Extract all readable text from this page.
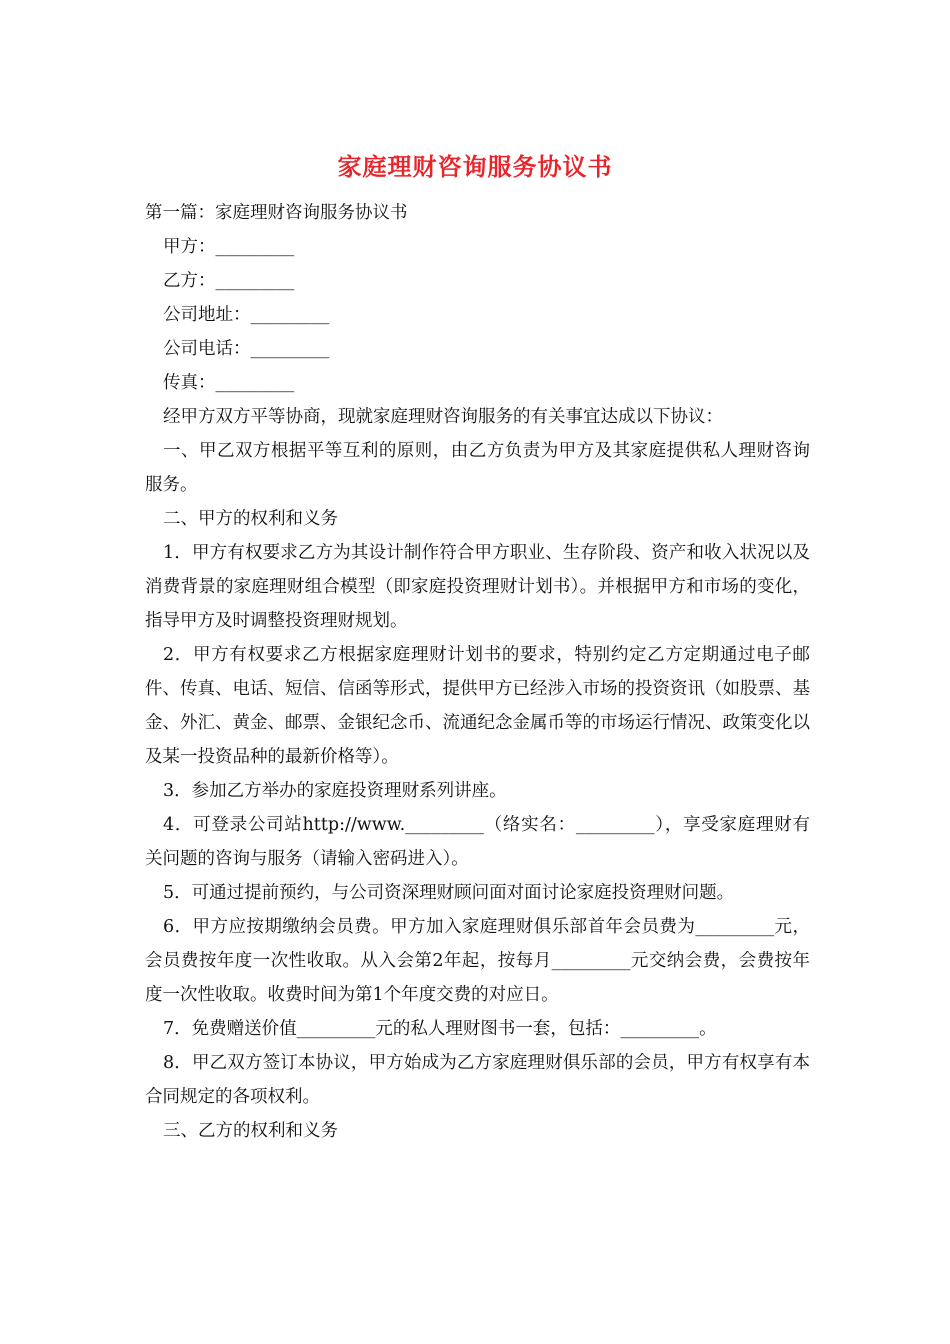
家庭理财咨询服务协议书

第一篇：家庭理财咨询服务协议书

甲方：_________

乙方：_________

公司地址：_________

公司电话：_________

传真：_________

经甲方双方平等协商，现就家庭理财咨询服务的有关事宜达成以下协议：

一、甲乙双方根据平等互利的原则，由乙方负责为甲方及其家庭提供私人理财咨询服务。

二、甲方的权利和义务

1．甲方有权要求乙方为其设计制作符合甲方职业、生存阶段、资产和收入状况以及消费背景的家庭理财组合模型（即家庭投资理财计划书）。并根据甲方和市场的变化，指导甲方及时调整投资理财规划。

2．甲方有权要求乙方根据家庭理财计划书的要求，特别约定乙方定期通过电子邮件、传真、电话、短信、信函等形式，提供甲方已经涉入市场的投资资讯（如股票、基金、外汇、黄金、邮票、金银纪念币、流通纪念金属币等的市场运行情况、政策变化以及某一投资品种的最新价格等）。

3．参加乙方举办的家庭投资理财系列讲座。

4．可登录公司站http://www._________（络实名：_________），享受家庭理财有关问题的咨询与服务（请输入密码进入）。

5．可通过提前预约，与公司资深理财顾问面对面讨论家庭投资理财问题。

6．甲方应按期缴纳会员费。甲方加入家庭理财俱乐部首年会员费为_________元，会员费按年度一次性收取。从入会第2年起，按每月_________元交纳会费，会费按年度一次性收取。收费时间为第1个年度交费的对应日。

7．免费赠送价值_________元的私人理财图书一套，包括：_________。

8．甲乙双方签订本协议，甲方始成为乙方家庭理财俱乐部的会员，甲方有权享有本合同规定的各项权利。

三、乙方的权利和义务
